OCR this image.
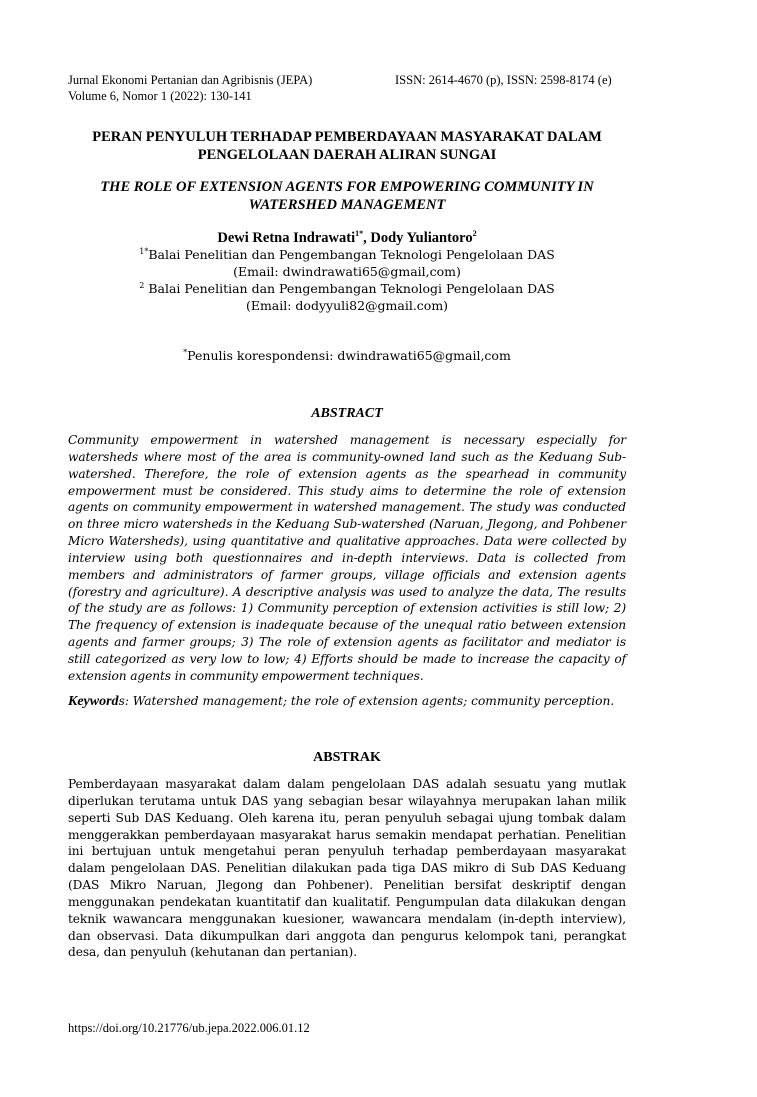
Jurnal Ekonomi Pertanian dan Agribisnis (JEPA)	ISSN: 2614-4670 (p), ISSN: 2598-8174 (e)
Volume 6, Nomor 1 (2022): 130-141
PERAN PENYULUH TERHADAP PEMBERDAYAAN MASYARAKAT DALAM PENGELOLAAN DAERAH ALIRAN SUNGAI
THE ROLE OF EXTENSION AGENTS FOR EMPOWERING COMMUNITY IN WATERSHED MANAGEMENT
Dewi Retna Indrawati$^{1*}$, Dody Yuliantoro$^2$
$^{1*}$Balai Penelitian dan Pengembangan Teknologi Pengelolaan DAS
(Email: dwindrawati65@gmail,com)
$^2$ Balai Penelitian dan Pengembangan Teknologi Pengelolaan DAS
(Email: dodyyuli82@gmail.com)
*Penulis korespondensi: dwindrawati65@gmail,com
ABSTRACT
Community empowerment in watershed management is necessary especially for watersheds where most of the area is community-owned land such as the Keduang Sub-watershed. Therefore, the role of extension agents as the spearhead in community empowerment must be considered. This study aims to determine the role of extension agents on community empowerment in watershed management. The study was conducted on three micro watersheds in the Keduang Sub-watershed (Naruan, Jlegong, and Pohbener Micro Watersheds), using quantitative and qualitative approaches. Data were collected by interview using both questionnaires and in-depth interviews. Data is collected from members and administrators of farmer groups, village officials and extension agents (forestry and agriculture). A descriptive analysis was used to analyze the data, The results of the study are as follows: 1) Community perception of extension activities is still low; 2) The frequency of extension is inadequate because of the unequal ratio between extension agents and farmer groups; 3) The role of extension agents as facilitator and mediator is still categorized as very low to low; 4) Efforts should be made to increase the capacity of extension agents in community empowerment techniques.
Keywords: Watershed management; the role of extension agents; community perception.
ABSTRAK
Pemberdayaan masyarakat dalam dalam pengelolaan DAS adalah sesuatu yang mutlak diperlukan terutama untuk DAS yang sebagian besar wilayahnya merupakan lahan milik seperti Sub DAS Keduang. Oleh karena itu, peran penyuluh sebagai ujung tombak dalam menggerakkan pemberdayaan masyarakat harus semakin mendapat perhatian. Penelitian ini bertujuan untuk mengetahui peran penyuluh terhadap pemberdayaan masyarakat dalam pengelolaan DAS. Penelitian dilakukan pada tiga DAS mikro di Sub DAS Keduang (DAS Mikro Naruan, Jlegong dan Pohbener). Penelitian bersifat deskriptif dengan menggunakan pendekatan kuantitatif dan kualitatif. Pengumpulan data dilakukan dengan teknik wawancara menggunakan kuesioner, wawancara mendalam (in-depth interview), dan observasi. Data dikumpulkan dari anggota dan pengurus kelompok tani, perangkat desa, dan penyuluh (kehutanan dan pertanian).
https://doi.org/10.21776/ub.jepa.2022.006.01.12
